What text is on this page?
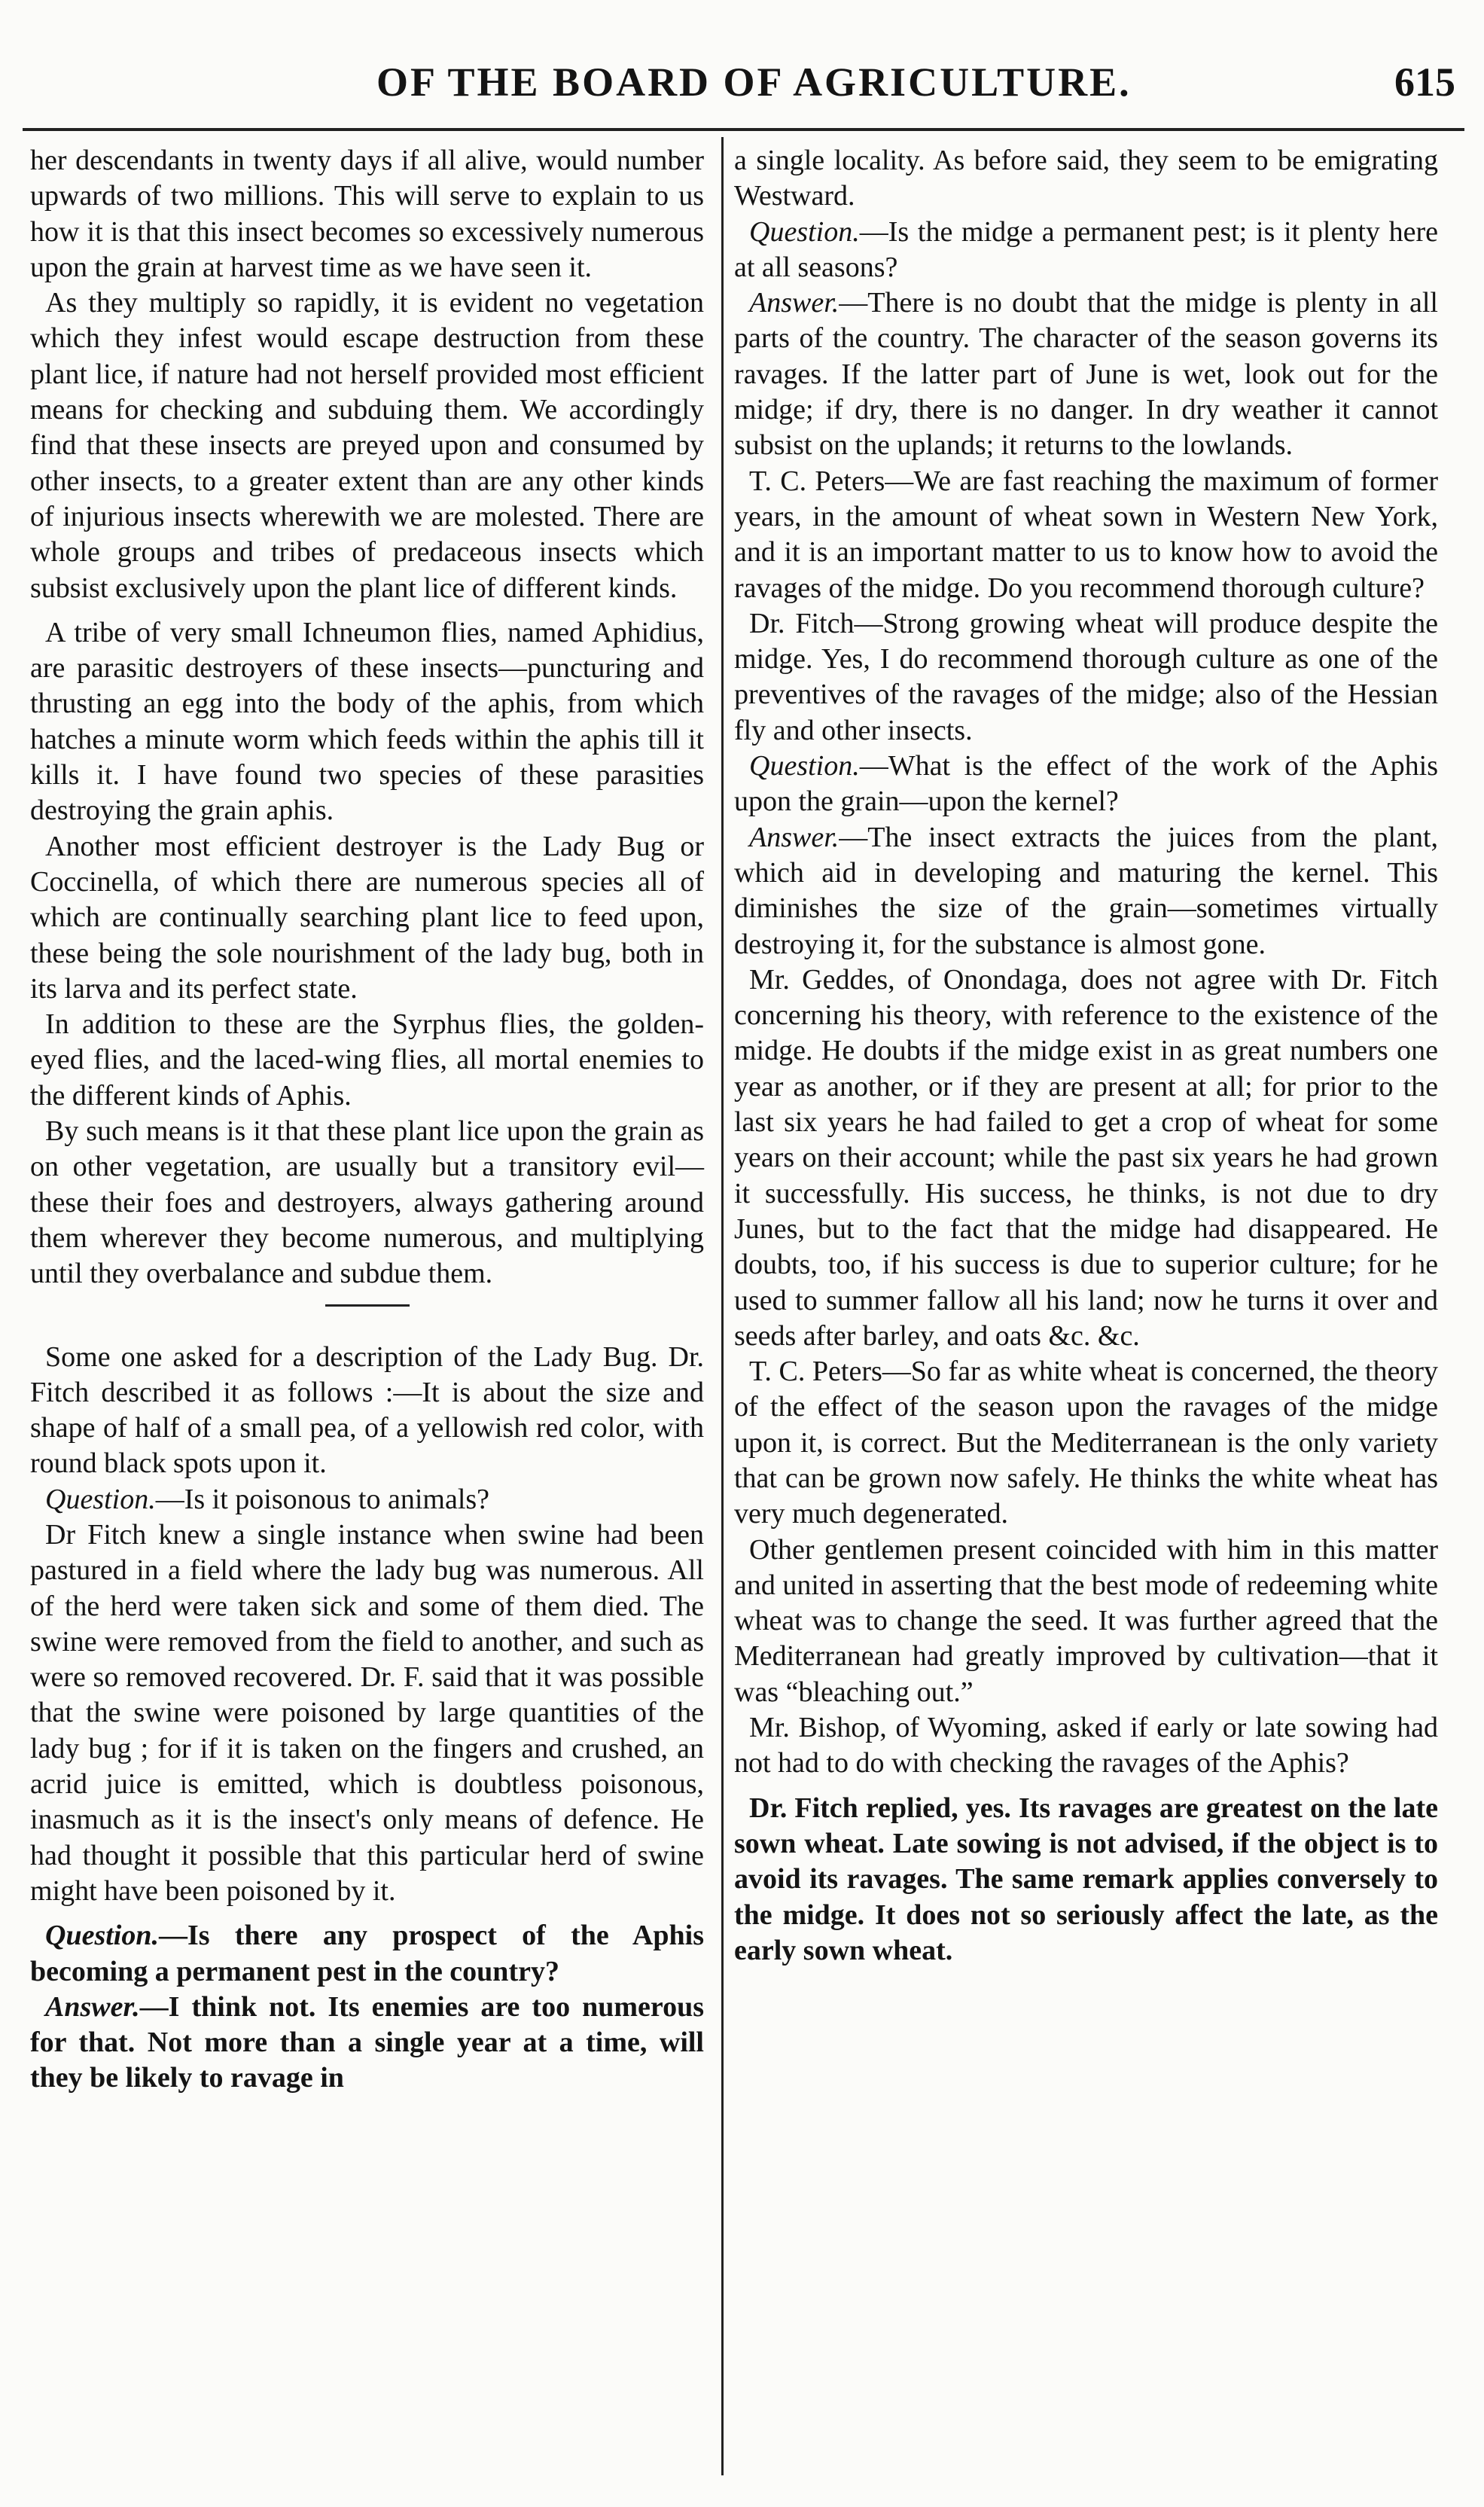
OF THE BOARD OF AGRICULTURE.	615

her descendants in twenty days if all alive, would number upwards of two millions. This will serve to explain to us how it is that this insect becomes so excessively numerous upon the grain at harvest time as we have seen it.

As they multiply so rapidly, it is evident no vegetation which they infest would escape destruction from these plant lice, if nature had not herself provided most efficient means for checking and subduing them. We accordingly find that these insects are preyed upon and consumed by other insects, to a greater extent than are any other kinds of injurious insects wherewith we are molested. There are whole groups and tribes of predaceous insects which subsist exclusively upon the plant lice of different kinds.

A tribe of very small Ichneumon flies, named Aphidius, are parasitic destroyers of these insects—puncturing and thrusting an egg into the body of the aphis, from which hatches a minute worm which feeds within the aphis till it kills it. I have found two species of these parasities destroying the grain aphis.

Another most efficient destroyer is the Lady Bug or Coccinella, of which there are numerous species all of which are continually searching plant lice to feed upon, these being the sole nourishment of the lady bug, both in its larva and its perfect state.

In addition to these are the Syrphus flies, the golden-eyed flies, and the laced-wing flies, all mortal enemies to the different kinds of Aphis.

By such means is it that these plant lice upon the grain as on other vegetation, are usually but a transitory evil—these their foes and destroyers, always gathering around them wherever they become numerous, and multiplying until they overbalance and subdue them.

Some one asked for a description of the Lady Bug. Dr. Fitch described it as follows :—It is about the size and shape of half of a small pea, of a yellowish red color, with round black spots upon it.

Question.—Is it poisonous to animals?

Dr Fitch knew a single instance when swine had been pastured in a field where the lady bug was numerous. All of the herd were taken sick and some of them died. The swine were removed from the field to another, and such as were so removed recovered. Dr. F. said that it was possible that the swine were poisoned by large quantities of the lady bug ; for if it is taken on the fingers and crushed, an acrid juice is emitted, which is doubtless poisonous, inasmuch as it is the insect's only means of defence. He had thought it possible that this particular herd of swine might have been poisoned by it.

Question.—Is there any prospect of the Aphis becoming a permanent pest in the country?

Answer.—I think not. Its enemies are too numerous for that. Not more than a single year at a time, will they be likely to ravage in

a single locality. As before said, they seem to be emigrating Westward.

Question.—Is the midge a permanent pest; is it plenty here at all seasons?

Answer.—There is no doubt that the midge is plenty in all parts of the country. The character of the season governs its ravages. If the latter part of June is wet, look out for the midge; if dry, there is no danger. In dry weather it cannot subsist on the uplands; it returns to the lowlands.

T. C. Peters—We are fast reaching the maximum of former years, in the amount of wheat sown in Western New York, and it is an important matter to us to know how to avoid the ravages of the midge. Do you recommend thorough culture?

Dr. Fitch—Strong growing wheat will produce despite the midge. Yes, I do recommend thorough culture as one of the preventives of the ravages of the midge; also of the Hessian fly and other insects.

Question.—What is the effect of the work of the Aphis upon the grain—upon the kernel?

Answer.—The insect extracts the juices from the plant, which aid in developing and maturing the kernel. This diminishes the size of the grain—sometimes virtually destroying it, for the substance is almost gone.

Mr. Geddes, of Onondaga, does not agree with Dr. Fitch concerning his theory, with reference to the existence of the midge. He doubts if the midge exist in as great numbers one year as another, or if they are present at all; for prior to the last six years he had failed to get a crop of wheat for some years on their account; while the past six years he had grown it successfully. His success, he thinks, is not due to dry Junes, but to the fact that the midge had disappeared. He doubts, too, if his success is due to superior culture; for he used to summer fallow all his land; now he turns it over and seeds after barley, and oats &c. &c.

T. C. Peters—So far as white wheat is concerned, the theory of the effect of the season upon the ravages of the midge upon it, is correct. But the Mediterranean is the only variety that can be grown now safely. He thinks the white wheat has very much degenerated.

Other gentlemen present coincided with him in this matter and united in asserting that the best mode of redeeming white wheat was to change the seed. It was further agreed that the Mediterranean had greatly improved by cultivation—that it was “bleaching out.”

Mr. Bishop, of Wyoming, asked if early or late sowing had not had to do with checking the ravages of the Aphis?

Dr. Fitch replied, yes. Its ravages are greatest on the late sown wheat. Late sowing is not advised, if the object is to avoid its ravages. The same remark applies conversely to the midge. It does not so seriously affect the late, as the early sown wheat.
